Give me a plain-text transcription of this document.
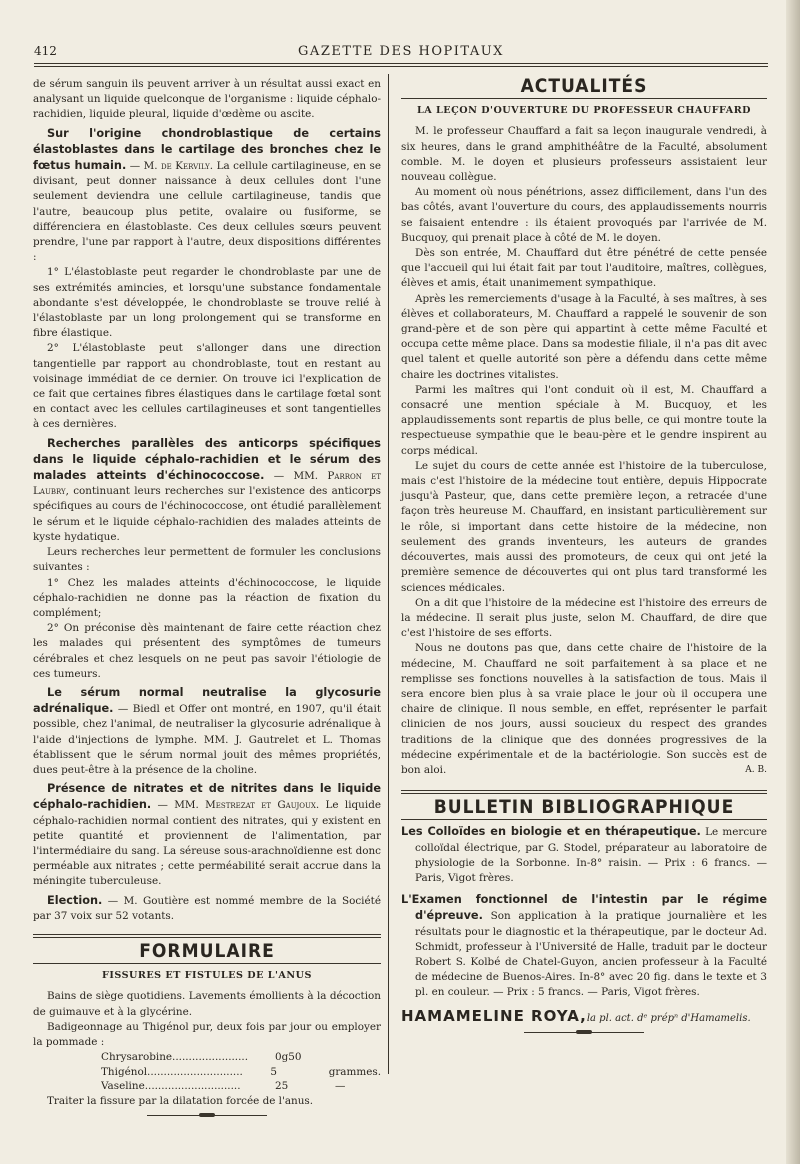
412	GAZETTE DES HOPITAUX

de sérum sanguin ils peuvent arriver à un résultat aussi exact en analysant un liquide quelconque de l'organisme : liquide céphalo-rachidien, liquide pleural, liquide d'œdème ou ascite.

Sur l'origine chondroblastique de certains élastoblastes dans le cartilage des bronches chez le fœtus humain. — M. de Kervily. La cellule cartilagineuse, en se divisant, peut donner naissance à deux cellules dont l'une seulement deviendra une cellule cartilagineuse, tandis que l'autre, beaucoup plus petite, ovalaire ou fusiforme, se différenciera en élastoblaste. Ces deux cellules sœurs peuvent prendre, l'une par rapport à l'autre, deux dispositions différentes :

1° L'élastoblaste peut regarder le chondroblaste par une de ses extrémités amincies, et lorsqu'une substance fondamentale abondante s'est développée, le chondroblaste se trouve relié à l'élastoblaste par un long prolongement qui se transforme en fibre élastique.

2° L'élastoblaste peut s'allonger dans une direction tangentielle par rapport au chondroblaste, tout en restant au voisinage immédiat de ce dernier. On trouve ici l'explication de ce fait que certaines fibres élastiques dans le cartilage fœtal sont en contact avec les cellules cartilagineuses et sont tangentielles à ces dernières.

Recherches parallèles des anticorps spécifiques dans le liquide céphalo-rachidien et le sérum des malades atteints d'échinococcose. — MM. Parron et Laubry, continuant leurs recherches sur l'existence des anticorps spécifiques au cours de l'échinococcose, ont étudié parallèlement le sérum et le liquide céphalo-rachidien des malades atteints de kyste hydatique.

Leurs recherches leur permettent de formuler les conclusions suivantes :

1° Chez les malades atteints d'échinococcose, le liquide céphalo-rachidien ne donne pas la réaction de fixation du complément;

2° On préconise dès maintenant de faire cette réaction chez les malades qui présentent des symptômes de tumeurs cérébrales et chez lesquels on ne peut pas savoir l'étiologie de ces tumeurs.

Le sérum normal neutralise la glycosurie adrénalique. — Biedl et Offer ont montré, en 1907, qu'il était possible, chez l'animal, de neutraliser la glycosurie adrénalique à l'aide d'injections de lymphe. MM. J. Gautrelet et L. Thomas établissent que le sérum normal jouit des mêmes propriétés, dues peut-être à la présence de la choline.

Présence de nitrates et de nitrites dans le liquide céphalo-rachidien. — MM. Mestrezat et Gaujoux. Le liquide céphalo-rachidien normal contient des nitrates, qui y existent en petite quantité et proviennent de l'alimentation, par l'intermédiaire du sang. La séreuse sous-arachnoïdienne est donc perméable aux nitrates ; cette perméabilité serait accrue dans la méningite tuberculeuse.

Election. — M. Goutière est nommé membre de la Société par 37 voix sur 52 votants.

FORMULAIRE
FISSURES ET FISTULES DE L'ANUS

Bains de siège quotidiens. Lavements émollients à la décoction de guimauve et à la glycérine.

Badigeonnage au Thigénol pur, deux fois par jour ou employer la pommade :

Chrysarobine.......................	0g50
Thigénol.............................	5	grammes.
Vaseline.............................	25	—

Traiter la fissure par la dilatation forcée de l'anus.

ACTUALITÉS
LA LEÇON D'OUVERTURE DU PROFESSEUR CHAUFFARD

M. le professeur Chauffard a fait sa leçon inaugurale vendredi, à six heures, dans le grand amphithéâtre de la Faculté, absolument comble. M. le doyen et plusieurs professeurs assistaient leur nouveau collègue.

Au moment où nous pénétrions, assez difficilement, dans l'un des bas côtés, avant l'ouverture du cours, des applaudissements nourris se faisaient entendre : ils étaient provoqués par l'arrivée de M. Bucquoy, qui prenait place à côté de M. le doyen.

Dès son entrée, M. Chauffard dut être pénétré de cette pensée que l'accueil qui lui était fait par tout l'auditoire, maîtres, collègues, élèves et amis, était unanimement sympathique.

Après les remerciements d'usage à la Faculté, à ses maîtres, à ses élèves et collaborateurs, M. Chauffard a rappelé le souvenir de son grand-père et de son père qui appartint à cette même Faculté et occupa cette même place. Dans sa modestie filiale, il n'a pas dit avec quel talent et quelle autorité son père a défendu dans cette même chaire les doctrines vitalistes.

Parmi les maîtres qui l'ont conduit où il est, M. Chauffard a consacré une mention spéciale à M. Bucquoy, et les applaudissements sont repartis de plus belle, ce qui montre toute la respectueuse sympathie que le beau-père et le gendre inspirent au corps médical.

Le sujet du cours de cette année est l'histoire de la tuberculose, mais c'est l'histoire de la médecine tout entière, depuis Hippocrate jusqu'à Pasteur, que, dans cette première leçon, a retracée d'une façon très heureuse M. Chauffard, en insistant particulièrement sur le rôle, si important dans cette histoire de la médecine, non seulement des grands inventeurs, les auteurs de grandes découvertes, mais aussi des promoteurs, de ceux qui ont jeté la première semence de découvertes qui ont plus tard transformé les sciences médicales.

On a dit que l'histoire de la médecine est l'histoire des erreurs de la médecine. Il serait plus juste, selon M. Chauffard, de dire que c'est l'histoire de ses efforts.

Nous ne doutons pas que, dans cette chaire de l'histoire de la médecine, M. Chauffard ne soit parfaitement à sa place et ne remplisse ses fonctions nouvelles à la satisfaction de tous. Mais il sera encore bien plus à sa vraie place le jour où il occupera une chaire de clinique. Il nous semble, en effet, représenter le parfait clinicien de nos jours, aussi soucieux du respect des grandes traditions de la clinique que des données progressives de la médecine expérimentale et de la bactériologie. Son succès est de bon aloi.	A. B.

BULLETIN BIBLIOGRAPHIQUE

Les Colloïdes en biologie et en thérapeutique. Le mercure colloïdal électrique, par G. Stodel, préparateur au laboratoire de physiologie de la Sorbonne. In-8° raisin. — Prix : 6 francs. — Paris, Vigot frères.

L'Examen fonctionnel de l'intestin par le régime d'épreuve. Son application à la pratique journalière et les résultats pour le diagnostic et la thérapeutique, par le docteur Ad. Schmidt, professeur à l'Université de Halle, traduit par le docteur Robert S. Kolbé de Chatel-Guyon, ancien professeur à la Faculté de médecine de Buenos-Aires. In-8° avec 20 fig. dans le texte et 3 pl. en couleur. — Prix : 5 francs. — Paris, Vigot frères.

HAMAMELINE ROYA,la pl. act. dᵉ prépⁿ d'Hamamelis.
